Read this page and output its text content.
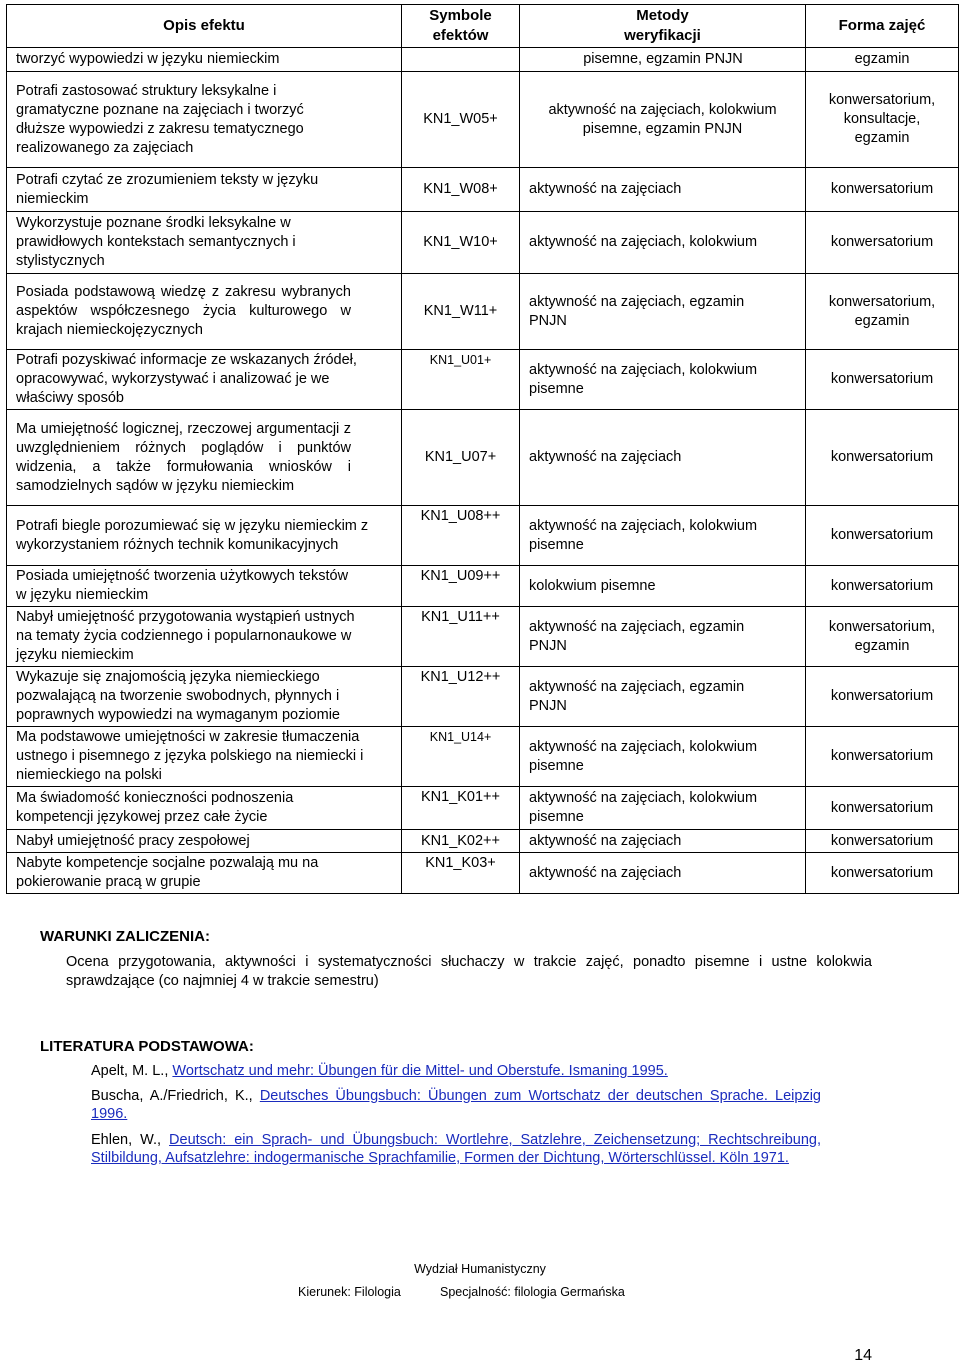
Opis efektu	Symbole efektów	Metody weryfikacji	Forma zajęć
tworzyć wypowiedzi w języku niemieckim		pisemne, egzamin PNJN	egzamin
Potrafi zastosować struktury leksykalne i gramatyczne poznane na zajęciach i tworzyć dłuższe wypowiedzi z zakresu tematycznego realizowanego za zajęciach	KN1_W05+	aktywność na zajęciach, kolokwium pisemne, egzamin PNJN	konwersatorium, konsultacje, egzamin
Potrafi czytać ze zrozumieniem teksty w języku niemieckim	KN1_W08+	aktywność na zajęciach	konwersatorium
Wykorzystuje poznane środki leksykalne w prawidłowych kontekstach semantycznych i stylistycznych	KN1_W10+	aktywność na zajęciach, kolokwium	konwersatorium
Posiada podstawową wiedzę z zakresu wybranych aspektów współczesnego życia kulturowego w krajach niemieckojęzycznych	KN1_W11+	aktywność na zajęciach, egzamin PNJN	konwersatorium, egzamin
Potrafi pozyskiwać informacje ze wskazanych źródeł, opracowywać, wykorzystywać i analizować je we właściwy sposób	KN1_U01+	aktywność na zajęciach, kolokwium pisemne	konwersatorium
Ma umiejętność logicznej, rzeczowej argumentacji z uwzględnieniem różnych poglądów i punktów widzenia, a także formułowania wniosków i samodzielnych sądów w języku niemieckim	KN1_U07+	aktywność na zajęciach	konwersatorium
Potrafi biegle porozumiewać się w języku niemieckim z wykorzystaniem różnych technik komunikacyjnych	KN1_U08++	aktywność na zajęciach, kolokwium pisemne	konwersatorium
Posiada umiejętność tworzenia użytkowych tekstów w języku niemieckim	KN1_U09++	kolokwium pisemne	konwersatorium
Nabył umiejętność przygotowania wystąpień ustnych na tematy życia codziennego i popularnonaukowe w języku niemieckim	KN1_U11++	aktywność na zajęciach, egzamin PNJN	konwersatorium, egzamin
Wykazuje się znajomością języka niemieckiego pozwalającą na tworzenie swobodnych, płynnych i poprawnych wypowiedzi na wymaganym poziomie	KN1_U12++	aktywność na zajęciach, egzamin PNJN	konwersatorium
Ma podstawowe umiejętności w zakresie tłumaczenia ustnego i pisemnego z języka polskiego na niemiecki i niemieckiego na polski	KN1_U14+	aktywność na zajęciach, kolokwium pisemne	konwersatorium
Ma świadomość konieczności podnoszenia kompetencji językowej przez całe życie	KN1_K01++	aktywność na zajęciach, kolokwium pisemne	konwersatorium
Nabył umiejętność pracy zespołowej	KN1_K02++	aktywność na zajęciach	konwersatorium
Nabyte kompetencje socjalne pozwalają mu na pokierowanie pracą w grupie	KN1_K03+	aktywność na zajęciach	konwersatorium
WARUNKI ZALICZENIA:
Ocena przygotowania, aktywności i systematyczności słuchaczy w trakcie zajęć, ponadto pisemne i ustne kolokwia sprawdzające (co najmniej 4 w trakcie semestru)
LITERATURA PODSTAWOWA:
Apelt, M. L., Wortschatz und mehr: Übungen für die Mittel- und Oberstufe. Ismaning 1995.
Buscha, A./Friedrich, K., Deutsches Übungsbuch: Übungen zum Wortschatz der deutschen Sprache. Leipzig 1996.
Ehlen, W., Deutsch: ein Sprach- und Übungsbuch: Wortlehre, Satzlehre, Zeichensetzung; Rechtschreibung, Stilbildung, Aufsatzlehre: indogermanische Sprachfamilie, Formen der Dichtung, Wörterschlüssel. Köln 1971.
Wydział Humanistyczny
Kierunek: Filologia	Specjalność: filologia Germańska
14
